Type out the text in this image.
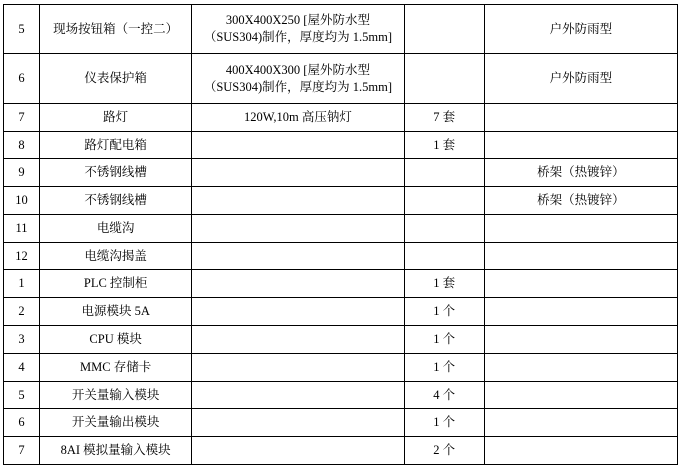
5	现场按钮箱（一控二）	300X400X250 [屋外防水型
（SUS304)制作，厚度均为 1.5mm]		户外防雨型
6	仪表保护箱	400X400X300 [屋外防水型
（SUS304)制作，厚度均为 1.5mm]		户外防雨型
7	路灯	120W,10m 高压钠灯	7 套	
8	路灯配电箱		1 套	
9	不锈钢线槽			桥架（热镀锌）
10	不锈钢线槽			桥架（热镀锌）
11	电缆沟			
12	电缆沟揭盖			
1	PLC 控制柜		1 套	
2	电源模块 5A		1 个	
3	CPU 模块		1 个	
4	MMC 存储卡		1 个	
5	开关量输入模块		4 个	
6	开关量输出模块		1 个	
7	8AI 模拟量输入模块		2 个	
